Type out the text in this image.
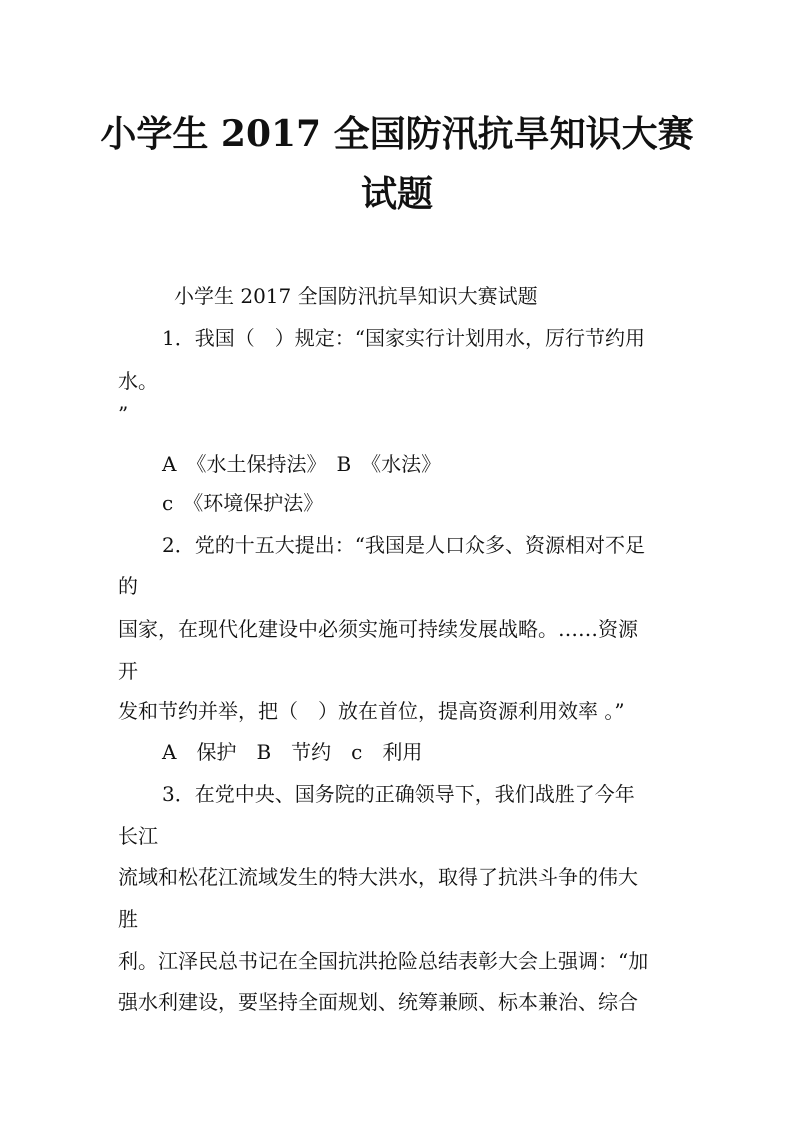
小学生 2017 全国防汛抗旱知识大赛
试题
小学生 2017 全国防汛抗旱知识大赛试题
1．我国（　）规定：“国家实行计划用水，厉行节约用
水。
”
A　《水土保持法》　B　《水法》
c　《环境保护法》
2．党的十五大提出：“我国是人口众多、资源相对不足
的
国家，在现代化建设中必须实施可持续发展战略。……资源
开
发和节约并举，把（　）放在首位，提高资源利用效率 。”
A　保护　B　节约　c　利用
3．在党中央、国务院的正确领导下，我们战胜了今年
长江
流域和松花江流域发生的特大洪水，取得了抗洪斗争的伟大
胜
利。江泽民总书记在全国抗洪抢险总结表彰大会上强调：“加
强水利建设，要坚持全面规划、统筹兼顾、标本兼治、综合
